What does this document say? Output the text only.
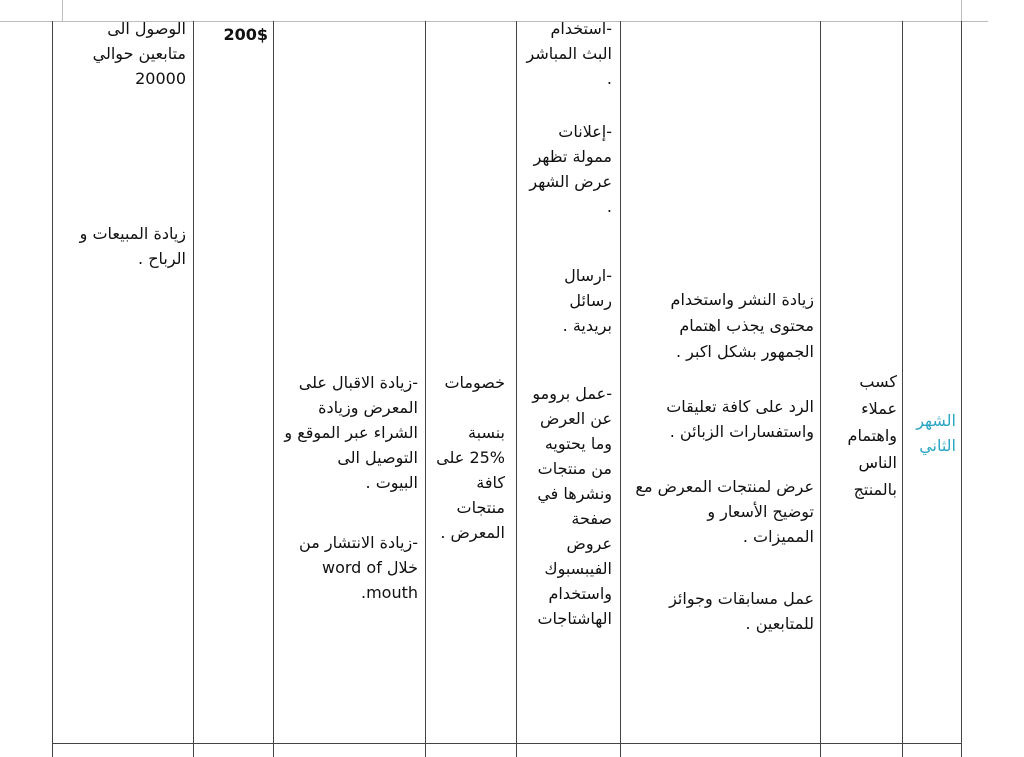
الشهر
الثاني

كسب
عملاء
واهتمام
الناس
بالمنتج

زيادة النشر واستخدام
محتوى يجذب اهتمام
الجمهور بشكل اكبر .

الرد على كافة تعليقات
واستفسارات الزبائن .

عرض لمنتجات المعرض مع
توضيح الأسعار و
المميزات .

عمل مسابقات وجوائز
للمتابعين .

-استخدام
البث المباشر
.

-إعلانات
ممولة تظهر
عرض الشهر
.

-ارسال
رسائل
بريدية .

-عمل برومو
عن العرض
وما يحتويه
من منتجات
ونشرها في
صفحة
عروض
الفيبسبوك
واستخدام
الهاشتاجات

خصومات

بنسبة
25% على
كافة
منتجات
المعرض .

-زيادة الاقبال على
المعرض وزيادة
الشراء عبر الموقع و
التوصيل الى
البيوت .

-زيادة الانتشار من
خلال word of
mouth.

200$

الوصول الى
متابعين حوالي
20000

زيادة المبيعات و
الرباح .
